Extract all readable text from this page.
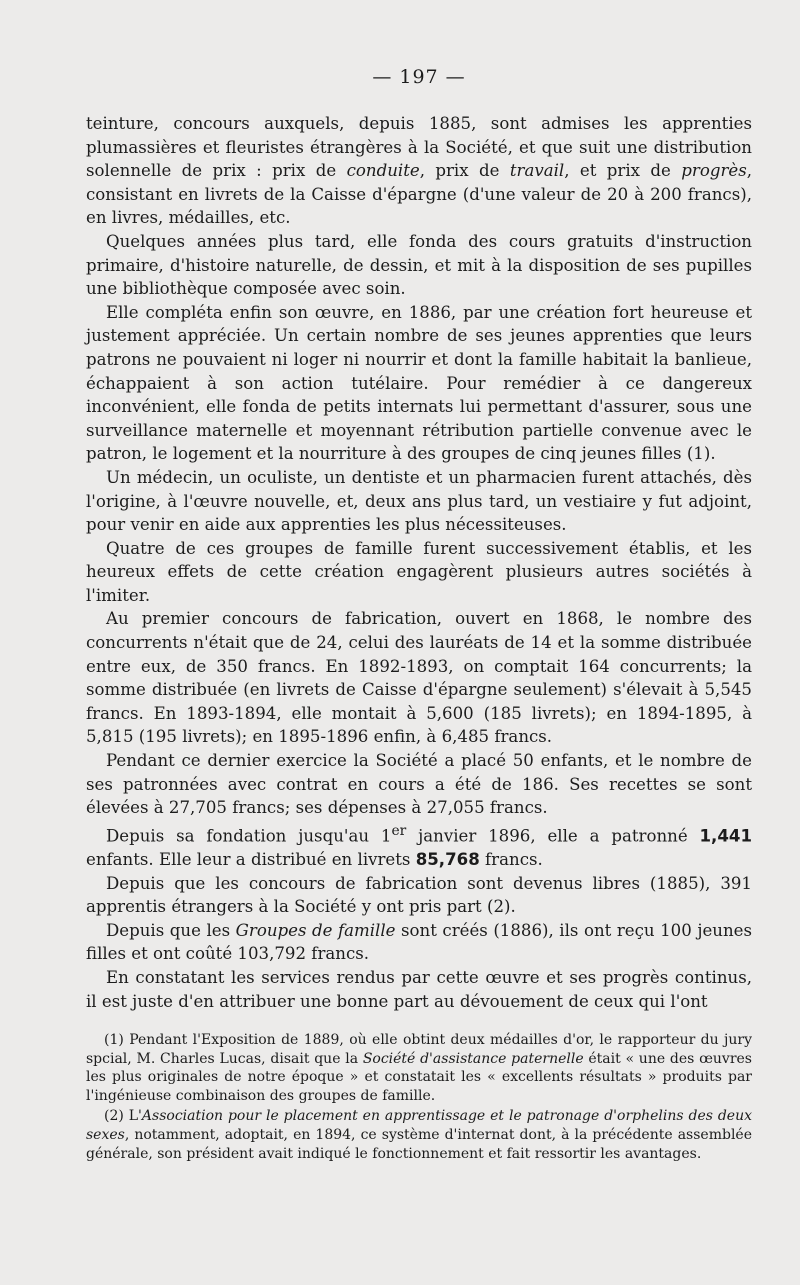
— 197 —

teinture, concours auxquels, depuis 1885, sont admises les apprenties plumassières et fleuristes étrangères à la Société, et que suit une distribution solennelle de prix : prix de conduite, prix de travail, et prix de progrès, consistant en livrets de la Caisse d'épargne (d'une valeur de 20 à 200 francs), en livres, médailles, etc.

Quelques années plus tard, elle fonda des cours gratuits d'instruction primaire, d'histoire naturelle, de dessin, et mit à la disposition de ses pupilles une bibliothèque composée avec soin.

Elle compléta enfin son œuvre, en 1886, par une création fort heureuse et justement appréciée. Un certain nombre de ses jeunes apprenties que leurs patrons ne pouvaient ni loger ni nourrir et dont la famille habitait la banlieue, échappaient à son action tutélaire. Pour remédier à ce dangereux inconvénient, elle fonda de petits internats lui permettant d'assurer, sous une surveillance maternelle et moyennant rétribution partielle convenue avec le patron, le logement et la nourriture à des groupes de cinq jeunes filles (1).

Un médecin, un oculiste, un dentiste et un pharmacien furent attachés, dès l'origine, à l'œuvre nouvelle, et, deux ans plus tard, un vestiaire y fut adjoint, pour venir en aide aux apprenties les plus nécessiteuses.

Quatre de ces groupes de famille furent successivement établis, et les heureux effets de cette création engagèrent plusieurs autres sociétés à l'imiter.

Au premier concours de fabrication, ouvert en 1868, le nombre des concurrents n'était que de 24, celui des lauréats de 14 et la somme distribuée entre eux, de 350 francs. En 1892-1893, on comptait 164 concurrents; la somme distribuée (en livrets de Caisse d'épargne seulement) s'élevait à 5,545 francs. En 1893-1894, elle montait à 5,600 (185 livrets); en 1894-1895, à 5,815 (195 livrets); en 1895-1896 enfin, à 6,485 francs.

Pendant ce dernier exercice la Société a placé 50 enfants, et le nombre de ses patronnées avec contrat en cours a été de 186. Ses recettes se sont élevées à 27,705 francs; ses dépenses à 27,055 francs.

Depuis sa fondation jusqu'au 1er janvier 1896, elle a patronné 1,441 enfants. Elle leur a distribué en livrets 85,768 francs.

Depuis que les concours de fabrication sont devenus libres (1885), 391 apprentis étrangers à la Société y ont pris part (2).

Depuis que les Groupes de famille sont créés (1886), ils ont reçu 100 jeunes filles et ont coûté 103,792 francs.

En constatant les services rendus par cette œuvre et ses progrès continus, il est juste d'en attribuer une bonne part au dévouement de ceux qui l'ont

(1) Pendant l'Exposition de 1889, où elle obtint deux médailles d'or, le rapporteur du jury spcial, M. Charles Lucas, disait que la Société d'assistance paternelle était « une des œuvres les plus originales de notre époque » et constatait les « excellents résultats » produits par l'ingénieuse combinaison des groupes de famille.

(2) L'Association pour le placement en apprentissage et le patronage d'orphelins des deux sexes, notamment, adoptait, en 1894, ce système d'internat dont, à la précédente assemblée générale, son président avait indiqué le fonctionnement et fait ressortir les avantages.
